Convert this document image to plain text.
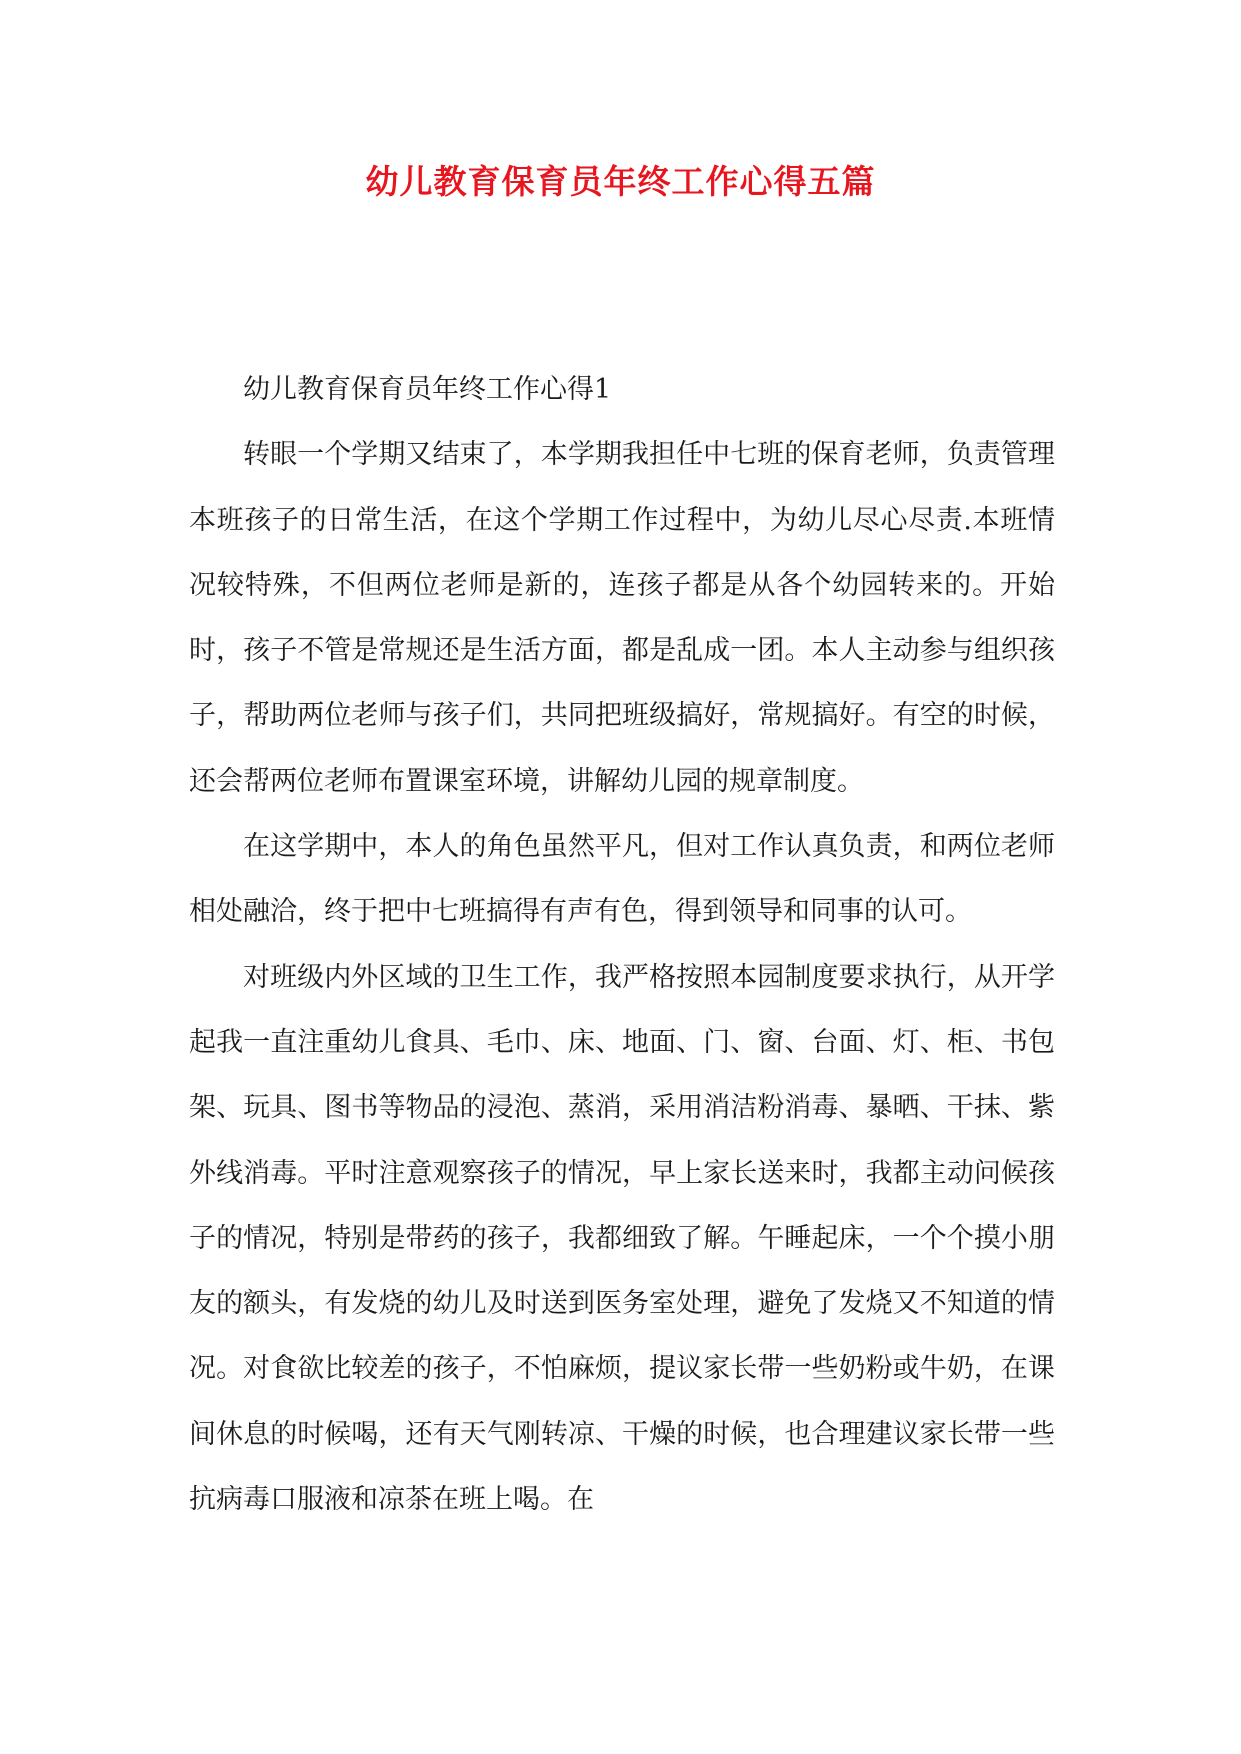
幼儿教育保育员年终工作心得五篇

幼儿教育保育员年终工作心得1

转眼一个学期又结束了，本学期我担任中七班的保育老师，负责管理本班孩子的日常生活，在这个学期工作过程中，为幼儿尽心尽责.本班情况较特殊，不但两位老师是新的，连孩子都是从各个幼园转来的。开始时，孩子不管是常规还是生活方面，都是乱成一团。本人主动参与组织孩子，帮助两位老师与孩子们，共同把班级搞好，常规搞好。有空的时候，还会帮两位老师布置课室环境，讲解幼儿园的规章制度。

在这学期中，本人的角色虽然平凡，但对工作认真负责，和两位老师相处融洽，终于把中七班搞得有声有色，得到领导和同事的认可。

对班级内外区域的卫生工作，我严格按照本园制度要求执行，从开学起我一直注重幼儿食具、毛巾、床、地面、门、窗、台面、灯、柜、书包架、玩具、图书等物品的浸泡、蒸消，采用消洁粉消毒、暴晒、干抹、紫外线消毒。平时注意观察孩子的情况，早上家长送来时，我都主动问候孩子的情况，特别是带药的孩子，我都细致了解。午睡起床，一个个摸小朋友的额头，有发烧的幼儿及时送到医务室处理，避免了发烧又不知道的情况。对食欲比较差的孩子，不怕麻烦，提议家长带一些奶粉或牛奶，在课间休息的时候喝，还有天气刚转凉、干燥的时候，也合理建议家长带一些抗病毒口服液和凉茶在班上喝。在
